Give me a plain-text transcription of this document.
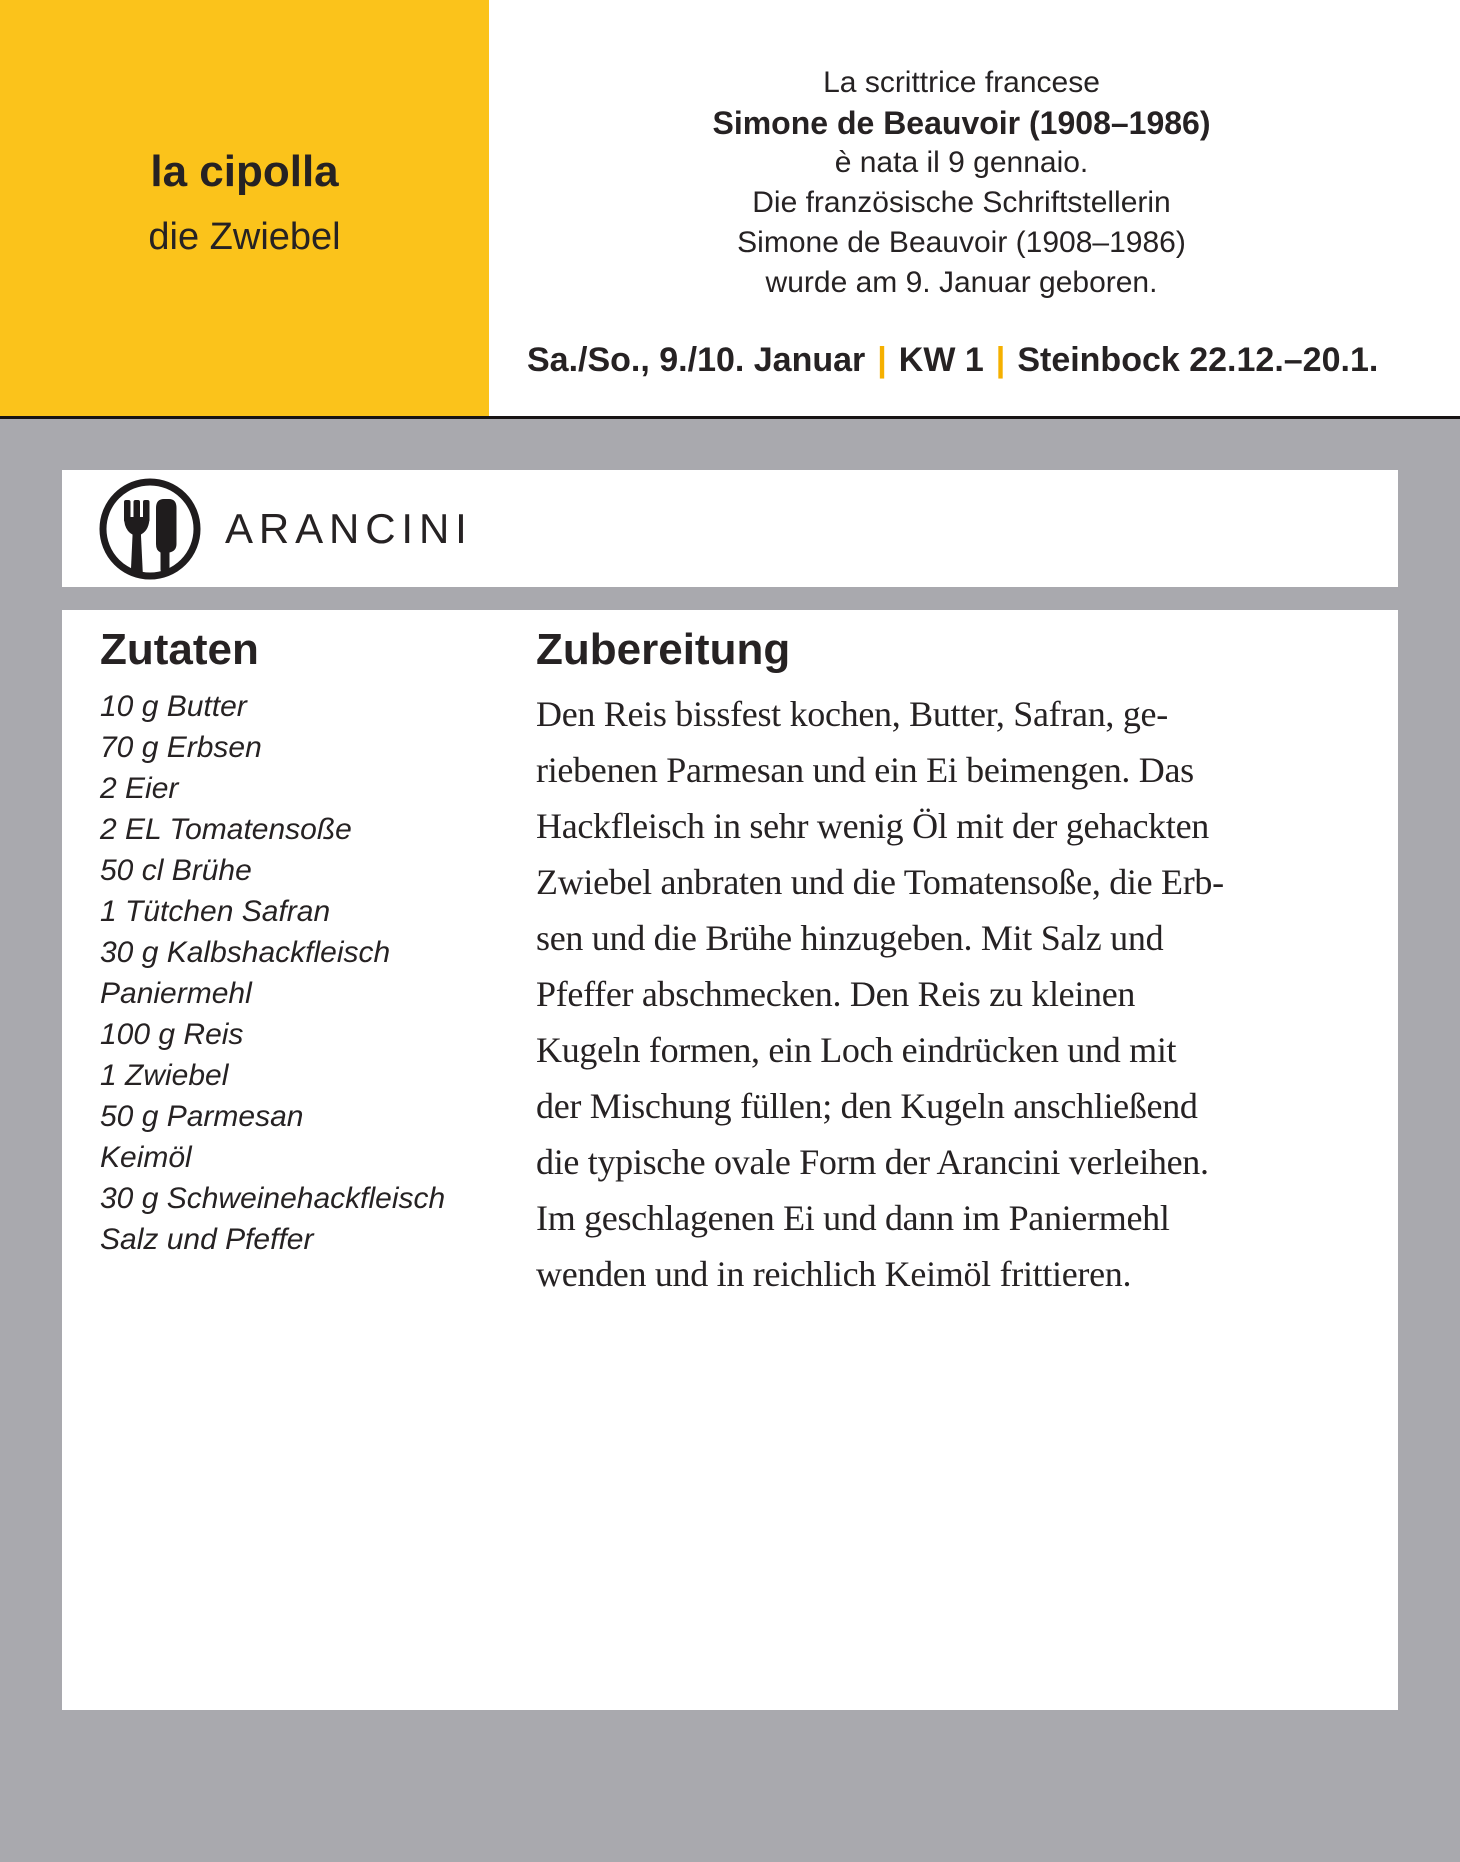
la cipolla
die Zwiebel
La scrittrice francese
Simone de Beauvoir (1908–1986)
è nata il 9 gennaio.
Die französische Schriftstellerin
Simone de Beauvoir (1908–1986)
wurde am 9. Januar geboren.
Sa./So., 9./10. Januar | KW 1 | Steinbock 22.12.–20.1.
ARANCINI
Zutaten
10 g Butter
70 g Erbsen
2 Eier
2 EL Tomatensoße
50 cl Brühe
1 Tütchen Safran
30 g Kalbshackfleisch
Paniermehl
100 g Reis
1 Zwiebel
50 g Parmesan
Keimöl
30 g Schweinehackfleisch
Salz und Pfeffer
Zubereitung
Den Reis bissfest kochen, Butter, Safran, ge-
riebenen Parmesan und ein Ei beimengen. Das
Hackfleisch in sehr wenig Öl mit der gehackten
Zwiebel anbraten und die Tomatensoße, die Erb-
sen und die Brühe hinzugeben. Mit Salz und
Pfeffer abschmecken. Den Reis zu kleinen
Kugeln formen, ein Loch eindrücken und mit
der Mischung füllen; den Kugeln anschließend
die typische ovale Form der Arancini verleihen.
Im geschlagenen Ei und dann im Paniermehl
wenden und in reichlich Keimöl frittieren.
